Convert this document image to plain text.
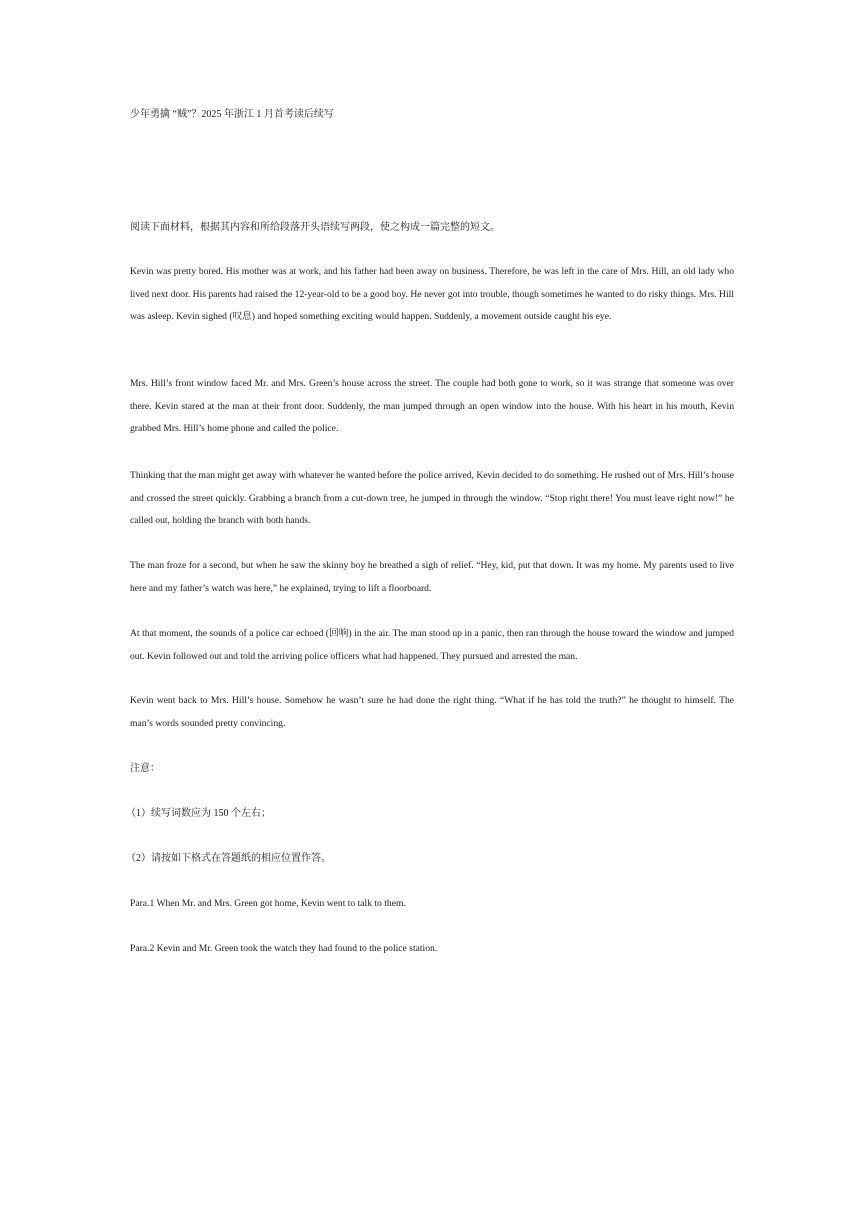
少年勇擒 “贼”？2025 年浙江 1 月首考读后续写
阅读下面材料，根据其内容和所给段落开头语续写两段，使之构成一篇完整的短文。

Kevin was pretty bored. His mother was at work, and his father had been away on business. Therefore, he was left in the care of Mrs. Hill, an old lady who lived next door. His parents had raised the 12-year-old to be a good boy. He never got into trouble, though sometimes he wanted to do risky things. Mrs. Hill was asleep. Kevin sighed (叹息) and hoped something exciting would happen. Suddenly, a movement outside caught his eye.

Mrs. Hill’s front window faced Mr. and Mrs. Green’s house across the street. The couple had both gone to work, so it was strange that someone was over there. Kevin stared at the man at their front door. Suddenly, the man jumped through an open window into the house. With his heart in his mouth, Kevin grabbed Mrs. Hill’s home phone and called the police.

Thinking that the man might get away with whatever he wanted before the police arrived, Kevin decided to do something. He rushed out of Mrs. Hill’s house and crossed the street quickly. Grabbing a branch from a cut-down tree, he jumped in through the window. “Stop right there! You must leave right now!” he called out, holding the branch with both hands.

The man froze for a second, but when he saw the skinny boy he breathed a sigh of relief. “Hey, kid, put that down. It was my home. My parents used to live here and my father’s watch was here,” he explained, trying to lift a floorboard.

At that moment, the sounds of a police car echoed (回响) in the air. The man stood up in a panic, then ran through the house toward the window and jumped out. Kevin followed out and told the arriving police officers what had happened. They pursued and arrested the man.

Kevin went back to Mrs. Hill’s house. Somehow he wasn’t sure he had done the right thing. “What if he has told the truth?” he thought to himself. The man’s words sounded pretty convincing.

注意：
（1）续写词数应为 150 个左右；
（2）请按如下格式在答题纸的相应位置作答。
Para.1 When Mr. and Mrs. Green got home, Kevin went to talk to them.
Para.2 Kevin and Mr. Green took the watch they had found to the police station.
